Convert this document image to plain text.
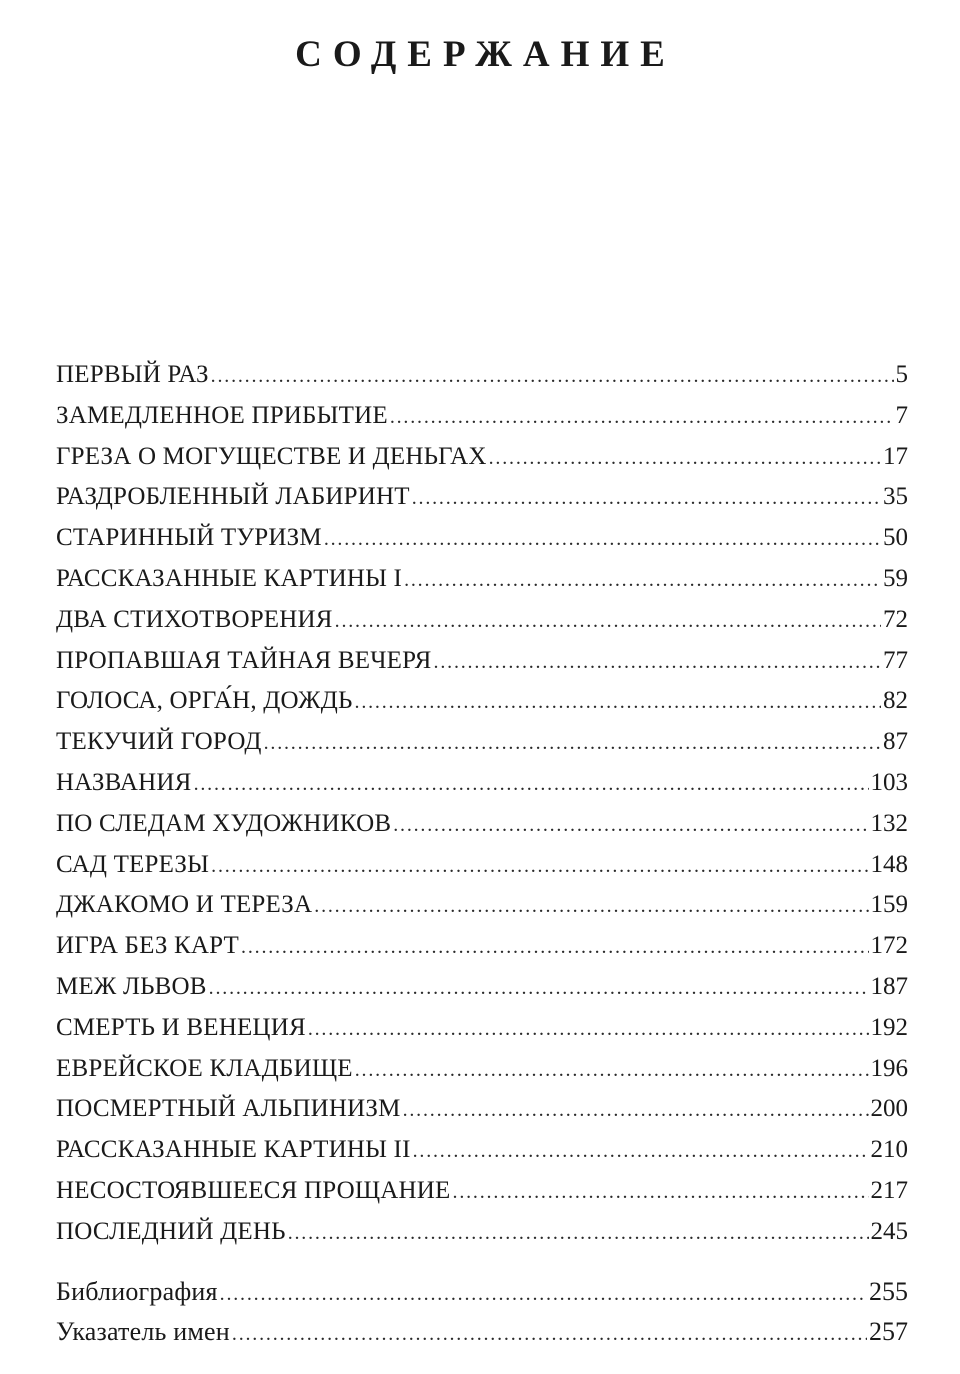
СОДЕРЖАНИЕ
ПЕРВЫЙ РАЗ . . .	5
ЗАМЕДЛЕННОЕ ПРИБЫТИЕ . . .	7
ГРЕЗА О МОГУЩЕСТВЕ И ДЕНЬГАХ . . .	17
РАЗДРОБЛЕННЫЙ ЛАБИРИНТ . . .	35
СТАРИННЫЙ ТУРИЗМ . . .	50
РАССКАЗАННЫЕ КАРТИНЫ I . . .	59
ДВА СТИХОТВОРЕНИЯ . . .	72
ПРОПАВШАЯ ТАЙНАЯ ВЕЧЕРЯ . . .	77
ГОЛОСА, ОРГА́Н, ДОЖДЬ . . .	82
ТЕКУЧИЙ ГОРОД . . .	87
НАЗВАНИЯ . . .	103
ПО СЛЕДАМ ХУДОЖНИКОВ . . .	132
САД ТЕРЕЗЫ . . .	148
ДЖАКОМО И ТЕРЕЗА . . .	159
ИГРА БЕЗ КАРТ . . .	172
МЕЖ ЛЬВОВ . . .	187
СМЕРТЬ И ВЕНЕЦИЯ . . .	192
ЕВРЕЙСКОЕ КЛАДБИЩЕ . . .	196
ПОСМЕРТНЫЙ АЛЬПИНИЗМ . . .	200
РАССКАЗАННЫЕ КАРТИНЫ II . . .	210
НЕСОСТОЯВШЕЕСЯ ПРОЩАНИЕ . . .	217
ПОСЛЕДНИЙ ДЕНЬ . . .	245
Библиография . . .	255
Указатель имен . . .	257
